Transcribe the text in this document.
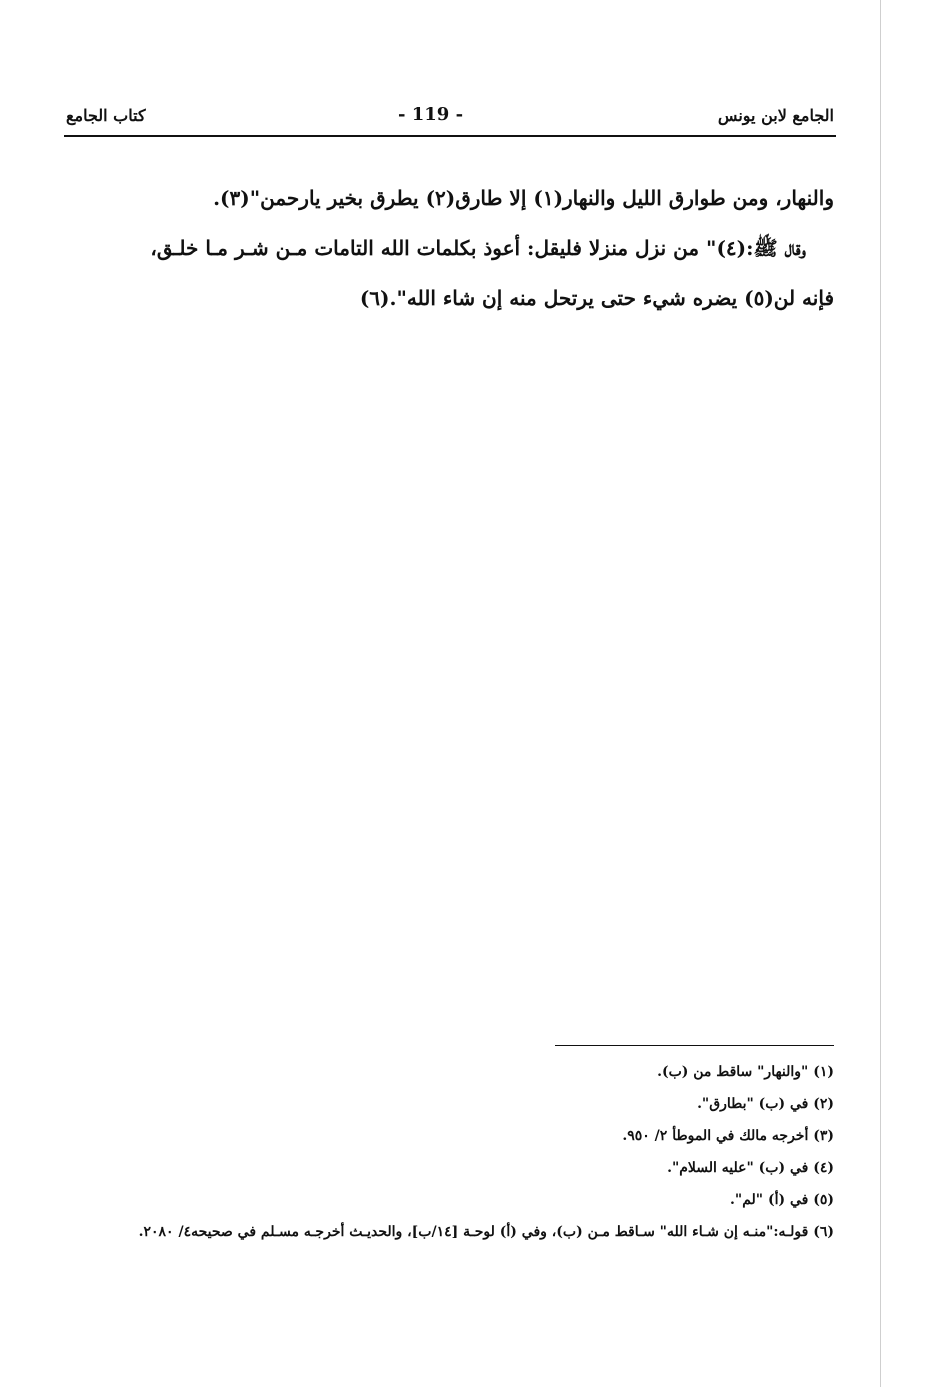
الجامع لابن يونس
- 119 -
كتاب الجامع

والنهار، ومن طوارق الليل والنهار(١) إلا طارق(٢) يطرق بخير يارحمن"(٣).

وقال ﷺ:(٤)" من نزل منزلا فليقل: أعوذ بكلمات الله التامات مـن شـر مـا خلـق،

فإنه لن(٥) يضره شيء حتى يرتحل منه إن شاء الله".(٦)

(١) "والنهار" ساقط من (ب).

(٢) في (ب) "بطارق".

(٣) أخرجه مالك في الموطأ ٢/ ٩٥٠.

(٤) في (ب) "عليه السلام".

(٥) في (أ) "لم".

(٦) قولـه:"منـه إن شـاء الله" سـاقط مـن (ب)، وفي (أ) لوحـة [١٤/ب]، والحديـث أخرجـه مسـلم في صحيحه٤/ ٢٠٨٠.
